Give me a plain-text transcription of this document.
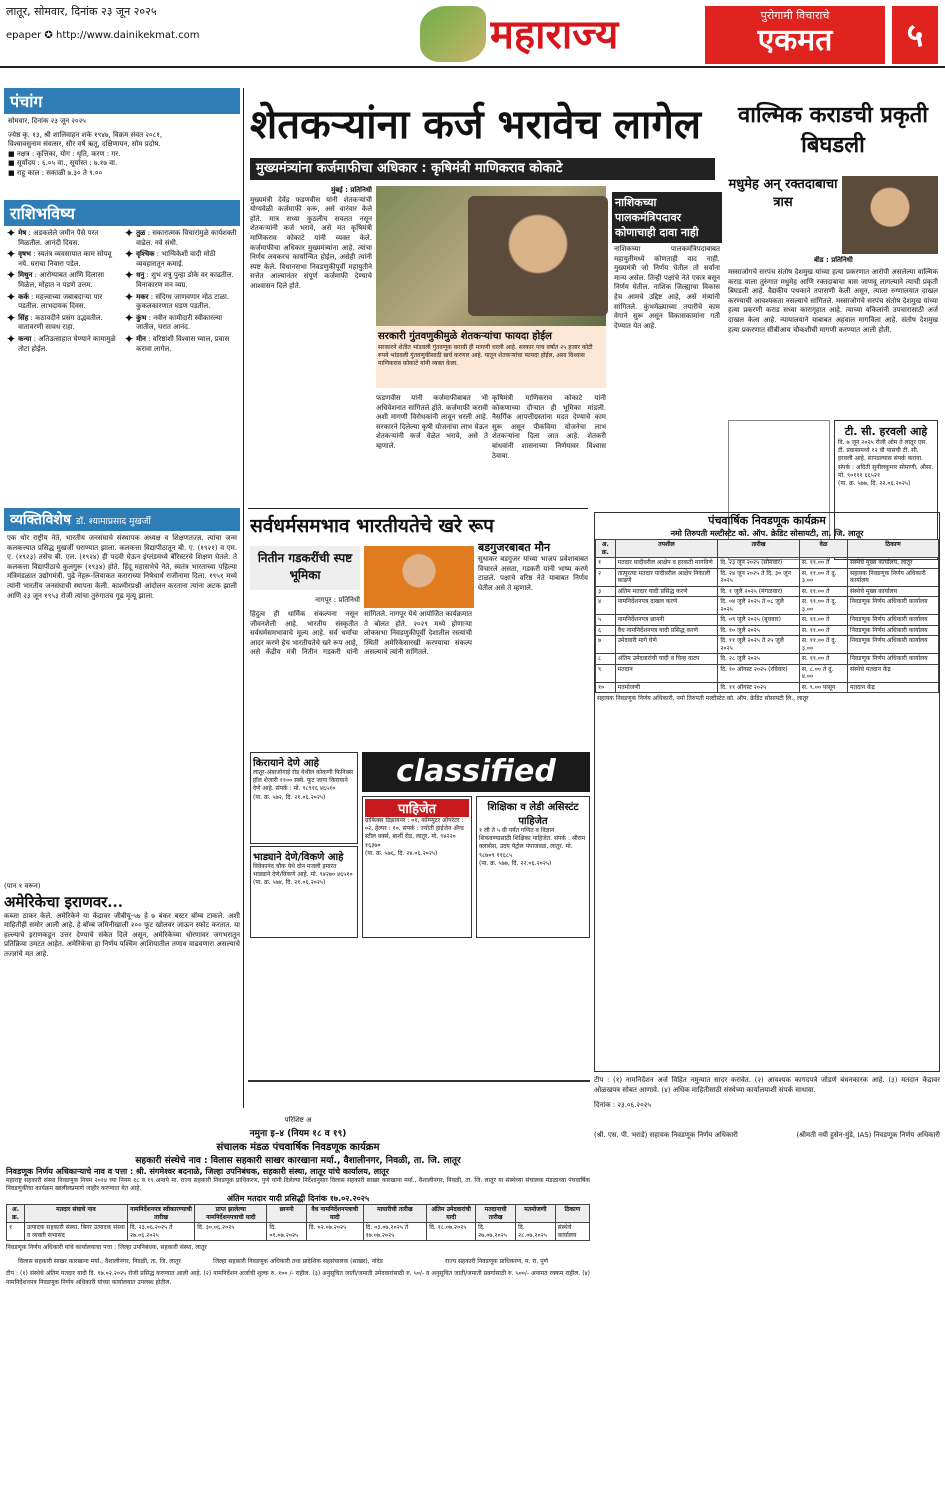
लातूर, सोमवार, दिनांक २३ जून २०२५
epaper ✪ http://www.dainikekmat.com	महाराज्य	पुरोगामी विचाराचे
एकमत	५
पंचांग
सोमवार, दिनांक २३ जून २०२५
ज्येष्ठ कृ. १३, श्री शालिवाहन शके १९४७, विक्रम संवत २०८१,
विश्वावसुनाम संवत्सर, सौर वर्षे ऋतू, दक्षिणायन, सोम प्रदोष.
■ नक्षत्र : कृत्तिका, योग : धृति, करण : गर.
■ सूर्योदय : ६.०५ वा., सूर्यास्त : ७.१७ वा.
■ राहू काल : सकाळी ७.३० ते ९.००
राशिभविष्य
✦ मेष : अडकलेले जमीन पैसे परत मिळतील. आनंदी दिवस.
✦ तुळ : सकारात्मक विचारांमुळे कार्यशक्ती वाढेल. नवे संधी.
✦ वृषभ : स्वतंत्र व्यवसायात काम सोपवू नये. घराचा निवारा पडेल.
✦ वृश्चिक : भाग्यिकेशी वादी मोठी व्यवहारातून कमाई.
✦ मिथुन : आरोग्याबत आणि दिलासा मिळेल, मोहात न पडणे उत्तम.
✦ धनु : शुभ शत्रु पुन्हा डोके वर काढतील. विनाकारण मन व्यग्र.
✦ कर्क : महत्त्वाच्या जबाबदार्‍या पार पडतील. लाभदायक दिवस.
✦ मकर : संदिग्ध जाणवणार मोठ टाळा. कुकलकारणात घडण पडतील.
✦ सिंह : कठावदीने प्रसंग उद्भवतील. वातावरणी सावध राहा.
✦ कुंभ : नवीन कामीदारी स्वीकारल्या जातील, घरात आनंद.
✦ कन्या : अतिउत्साहात घेण्याने कामामुळे तोटा होईल.
✦ मीन : वरिष्ठांशी विश्वास घ्याल, प्रवास करावा लागेल.
व्यक्तिविशेष डॉ. श्यामाप्रसाद मुखर्जी
एक थोर राष्ट्रीय नेते, भारतीय जनसंघाचे संस्थापक अध्यक्ष व शिक्षणतज्ज्ञ. त्यांचा जन्म कलकत्त्यात प्रसिद्ध मुखर्जी घराण्यात झाला. कलकत्ता विद्यापीठातून बी. ए. (१९२१) व एम. ए. (१९२३) तसेच बी. एल. (१९२४) ही पदवी घेऊन इंग्लंडमध्ये बॅरिस्टरचे शिक्षण घेतले. ते कलकत्ता विद्यापीठाचे कुलगुरू (१९३४) होते. हिंदू महासभेचे नेते, स्वतंत्र भारताच्या पहिल्या मंत्रिमंडळात उद्योगमंत्री. पुढे नेहरू-लियाकत कराराच्या निषेधार्थ राजीनामा दिला. १९५१ मध्ये त्यांनी भारतीय जनसंघाची स्थापना केली. काश्मीरप्रश्नी आंदोलन करताना त्यांना अटक झाली आणि २३ जून १९५३ रोजी त्यांचा तुरुंगातच गूढ मृत्यू झाला.
(पान १ वरून)
अमेरिकेचा इराणवर...
कब्जा ठाकर केले. अमेरिकेने या केंद्रावर जीबीयू-५७ हे ७ बंकर बस्टर बॉम्ब टाकले. अशी माहितीही समोर आली आहे. हे बॉम्ब जमिनीखाली २०० फूट खोलवर जाऊन स्फोट करतात. या हल्ल्याचे इराणकडून उत्तर देण्याचे संकेत दिले असून, अमेरिकेच्या धोरणावर जगभरातून प्रतिक्रिया उमटत आहेत. अमेरिकेचा हा निर्णय पश्चिम आशियातील तणाव वाढवणारा असल्याचे तज्ज्ञांचे मत आहे.
शेतकऱ्यांना कर्ज भरावेच लागेल
मुख्यमंत्र्यांना कर्जमाफीचा अधिकार : कृषिमंत्री माणिकराव कोकाटे
मुंबई : प्रतिनिधी
मुख्यमंत्री देवेंद्र फडणवीस यांनी शेतकऱ्यांची योग्यवेळी कर्जमाफी करू, असे वारंवार केले होते. मात्र सध्या कुठलीच सवलत नसून शेतकऱ्यांनी कर्ज भरावे, असे मत कृषिमंत्री माणिकराव कोकाटे यांनी व्यक्त केले. कर्जमाफीचा अधिकार मुख्यमंत्र्यांना आहे. त्यांचा निर्णय लवकरच कार्यान्वित होईल, असेही त्यांनी स्पष्ट केले. विधानसभा निवडणुकीपूर्वी महायुतीने सत्तेत आल्यानंतर संपूर्ण कर्जमाफी देण्याचे आश्वासन दिले होते.
सरकारी गुंतवणुकीमुळे शेतकऱ्यांचा फायदा होईल
सरकारने शेतीत भांडवली गुंतवणूक करावी ही मागणी धरली आहे. सरकार पाच वर्षांत २५ हजार कोटी रुपये भांडवली गुंतवणुकीसाठी खर्च करणार आहे. यातून शेतकऱ्यांचा फायदा होईल, असा विश्वास माणिकराव कोकाटे यांनी व्यक्त केला.
फडणवीस यांनी कर्जमाफीबाबत भी अधिवेशनात सांगितले होते. कर्जमाफी करावी अशी मागणी विरोधकांनी लावून धरली आहे. सरकारने दिलेल्या कृषी योजनांचा लाभ घेऊन शेतकऱ्यांनी कर्ज वेळेत भरावे, असे ते म्हणाले.
कृषिमंत्री माणिकराव कोकाटे यांनी कोकणाच्या दौऱ्यात ही भूमिका मांडली. नैसर्गिक आपत्तीग्रस्तांना मदत देण्याचे काम सुरू असून पीकविमा योजनेचा लाभ शेतकऱ्यांना दिला जात आहे. शेतकरी बांधवांनी शासनाच्या निर्णयावर विश्वास ठेवावा.
नाशिकच्या पालकमंत्रिपदावर कोणाचाही दावा नाही
नाशिकच्या पालकमंत्रिपदाबाबत महायुतीमध्ये कोणताही वाद नाही. मुख्यमंत्री जो निर्णय घेतील तो सर्वांना मान्य असेल. तिन्ही पक्षांचे नेते एकत्र बसून निर्णय घेतील. नाशिक जिल्ह्याचा विकास हेच आमचे उद्दिष्ट आहे, असे मंत्र्यांनी सांगितले. कुंभमेळ्याच्या तयारीचे काम वेगाने सुरू असून विकासकामांना गती देण्यात येत आहे.
वाल्मिक कराडची प्रकृती बिघडली
मधुमेह अन् रक्तदाबाचा त्रास
बीड : प्रतिनिधी
मस्साजोगचे सरपंच संतोष देशमुख यांच्या हत्या प्रकरणात आरोपी असलेल्या वाल्मिक कराड याला तुरुंगात मधुमेह आणि रक्तदाबाचा त्रास जाणवू लागल्याने त्याची प्रकृती बिघडली आहे. वैद्यकीय पथकाने तपासणी केली असून, त्याला रुग्णालयात दाखल करण्याची आवश्यकता नसल्याचे सांगितले. मस्साजोगचे सरपंच संतोष देशमुख यांच्या हत्या प्रकरणी कराड सध्या कारागृहात आहे. त्याच्या वकिलांनी उपचारासाठी अर्ज दाखल केला आहे. न्यायालयाने याबाबत अहवाल मागविला आहे. संतोष देशमुख हत्या प्रकरणात सीबीआय चौकशीची मागणी करण्यात आली होती.
टी. सी. हरवली आहे
दि. ७ जून २०२५ रोजी ओम ते लातूर एस. टी. प्रवासामध्ये १२ वी पासची टी. सी. हरवली आहे. सापडल्यास संपर्क करावा. संपर्क : अदिती सुनीलकुमार सोमाणी, औसा. मो. ९०१११ ६६५२१
(पा. क्र. ५७७, दि. २२.०६.२०२५)
सर्वधर्मसमभाव भारतीयतेचे खरे रूप
नितीन गडकरींची स्पष्ट भूमिका
नागपूर : प्रतिनिधी
हिंदुत्व ही धार्मिक संकल्पना नसून जीवनशैली आहे. भारतीय संस्कृतीत सर्वधर्मसमभावाचे मूल्य आहे. सर्व धर्मांचा आदर करणे हेच भारतीयतेचे खरे रूप आहे, असे केंद्रीय मंत्री नितीन गडकरी यांनी सांगितले. नागपूर येथे आयोजित कार्यक्रमात ते बोलत होते. २०२९ मध्ये होणाऱ्या लोकसभा निवडणुकीपूर्वी देशातील रस्त्यांची स्थिती अमेरिकेसारखी करण्याचा संकल्प असल्याचे त्यांनी सांगितले.
बडगुजरबाबत मौन
सुधाकर बडगुजर यांच्या भाजप प्रवेशाबाबत विचारले असता, गडकरी यांनी भाष्य करणे टाळले. पक्षाचे वरिष्ठ नेते याबाबत निर्णय घेतील असे ते म्हणाले.
classified
किरायाने देणे आहे
लातूर-अंबाजोगाई रोड येथील कोकणी फिनिक्स हॉल शेजारी ११०० स्क्वे. फूट जागा किरायाने देणे आहे. संपर्क : मो. ९८९१६ ४६५१०
(पा. क्र. ५७२, दि. २१.०६.२०२५)
भाड्याने देणे/विकणे आहे
विवेकानंद चौक येथे दोन मजली इमारत भाड्याने देणे/विकणे आहे. मो. ९४२७० ४६५१०
(पा. क्र. ५७४, दि. २१.०६.२०२५)
पाहिजेत
ग्राफिक्स डिझायनर : ०१, कॉम्प्युटर ऑपरेटर : ०२, हेल्पर : १०. संपर्क : ज्योती हाईजेन ॲण्ड स्टील वर्क्स, बार्शी रोड, लातूर. मो. ९४२२० १६३७०
(पा. क्र. ५७६, दि. २४.०६.२०२५)
शिक्षिका व लेडी असिस्टंट पाहिजेत
१ ली ते ५ वी पर्यंत गणित व विज्ञान शिकवण्यासाठी शिक्षिका पाहिजेत. संपर्क : श्रीराम क्लासेस, उदय पेट्रोल पंपाजवळ, लातूर. मो. ९८७०९ ११६८५
(पा. क्र. ५७७, दि. २२.०६.२०२५)
पंचवार्षिक निवडणूक कार्यक्रम
नमो तिरुपती मल्टीस्टेट को. ऑप. क्रेडिट सोसायटी, ता. जि. लातूर
अ. क्र.	तपशील	तारीख	वेळ	ठिकाण
१	मतदार यादीवरील आक्षेप व हरकती मागविणे	दि. २३ जून २०२५ (सोमवार)	स. ११.०० ते	संस्थेचे मुख्य कार्यालय, लातूर
२	तात्पुरत्या मतदार यादीवरील आक्षेप निकाली काढणे	दि. २४ जून २०२५ ते दि. ३० जून २०२५	स. ११.०० ते दु. ३.००	सहायक निवडणूक निर्णय अधिकारी कार्यालय
३	अंतिम मतदार यादी प्रसिद्ध करणे	दि. १ जुलै २०२५ (मंगळवार)	स. ११.०० ते	संस्थेचे मुख्य कार्यालय
४	नामनिर्देशनपत्र दाखल करणे	दि. ०४ जुलै २०२५ ते ०८ जुलै २०२५	स. ११.०० ते दु. ३.००	निवडणूक निर्णय अधिकारी कार्यालय
५	नामनिर्देशनपत्र छाननी	दि. ०९ जुलै २०२५ (बुधवार)	स. ११.०० ते	निवडणूक निर्णय अधिकारी कार्यालय
६	वैध नामनिर्देशनपत्र यादी प्रसिद्ध करणे	दि. १० जुलै २०२५	स. ११.०० ते	निवडणूक निर्णय अधिकारी कार्यालय
७	उमेदवारी मागे घेणे	दि. ११ जुलै २०२५ ते २५ जुलै २०२५	स. ११.०० ते दु. ३.००	निवडणूक निर्णय अधिकारी कार्यालय
८	अंतिम उमेदवारांची यादी व चिन्ह वाटप	दि. २८ जुलै २०२५	स. ११.०० ते	निवडणूक निर्णय अधिकारी कार्यालय
९	मतदान	दि. १० ऑगस्ट २०२५ (रविवार)	स. ८.०० ते दु. ४.००	संस्थेचे मतदान केंद्र
१०	मतमोजणी	दि. ११ ऑगस्ट २०२५	स. ९.०० पासून	मतदान केंद्र
सहायक निवडणूक निर्णय अधिकारी, नमो तिरुपती मल्टीस्टेट को. ऑप. क्रेडिट सोसायटी लि., लातूर
टीप : (१) नामनिर्देशन अर्ज विहित नमुन्यात सादर करावेत. (२) आवश्यक कागदपत्रे जोडणे बंधनकारक आहे. (३) मतदान केंद्रावर ओळखपत्र सोबत आणावे. (४) अधिक माहितीसाठी संस्थेच्या कार्यालयाशी संपर्क साधावा.
दिनांक : २३.०६.२०२५
(श्री. एस. पी. भराडे) सहायक निवडणूक निर्णय अधिकारी	(श्रीमती नयी हुसेन-मुंडे, IAS) निवडणूक निर्णय अधिकारी
परिशिष्ट अ
नमुना इ–४ (नियम १८ व १९)
संचालक मंडळ पंचवार्षिक निवडणूक कार्यक्रम
सहकारी संस्थेचे नाव : विलास सहकारी साखर कारखाना मर्या., वैशालीनगर, निवळी, ता. जि. लातूर
निवडणूक निर्णय अधिकाऱ्याचे नाव व पत्ता : श्री. संगमेश्वर बदनाळे, जिल्हा उपनिबंधक, सहकारी संस्था, लातूर यांचे कार्यालय, लातूर
महाराष्ट्र सहकारी संस्था निवडणूक नियम २०१४ च्या नियम १८ व १९ अन्वये मा. राज्य सहकारी निवडणूक प्राधिकरण, पुणे यांनी दिलेल्या निर्देशानुसार विलास सहकारी साखर कारखाना मर्या., वैशालीनगर, निवळी, ता. जि. लातूर या संस्थेच्या संचालक मंडळाच्या पंचवार्षिक निवडणुकीचा कार्यक्रम खालीलप्रमाणे जाहीर करण्यात येत आहे.
अंतिम मतदार यादी प्रसिद्धी दिनांक १७.०२.२०२५
अ. क्र.	मतदार संघाचे नाव	नामनिर्देशनपत्र स्वीकारण्याची तारीख	प्राप्त झालेल्या नामनिर्देशनपत्राची यादी	छाननी	वैध नामनिर्देशनपत्राची यादी	माघारीची तारीख	अंतिम उमेदवारांची यादी	मतदानाची तारीख	मतमोजणी	ठिकाण
१	उत्पादक सहकारी संस्था, बिगर उत्पादक संस्था व व्यक्ती सभासद	दि. २३.०६.२०२५ ते २७.०६.२०२५	दि. ३०.०६.२०२५	दि. ०१.०७.२०२५	दि. ०२.०७.२०२५	दि. ०३.०७.२०२५ ते १७.०७.२०२५	दि. १८.०७.२०२५	दि. २७.०७.२०२५	दि. २८.०७.२०२५	संस्थेचे कार्यालय
निवडणूक निर्णय अधिकारी यांचे कार्यालयाचा पत्ता : जिल्हा उपनिबंधक, सहकारी संस्था, लातूर
विलास सहकारी साखर कारखाना मर्या., वैशालीनगर, निवळी, ता. जि. लातूर	जिल्हा सहकारी निवडणूक अधिकारी तथा प्रादेशिक सहसंचालक (साखर), नांदेड	राज्य सहकारी निवडणूक प्राधिकरण, म. रा. पुणे
टीप : (१) संस्थेचे अंतिम मतदार यादी दि. १७.०२.२०२५ रोजी प्रसिद्ध करण्यात आली आहे. (२) नामनिर्देशन अर्जाची शुल्क रु. १०० /- राहील. (३) अनुसूचित जाती/जमाती उमेदवारांसाठी रु. ५०/- व अनुसूचित जाती/जमाती प्रवर्गासाठी रु. ५००/- अनामत रक्कम राहील. (४) नामनिर्देशनपत्र निवडणूक निर्णय अधिकारी यांच्या कार्यालयात उपलब्ध होतील.
